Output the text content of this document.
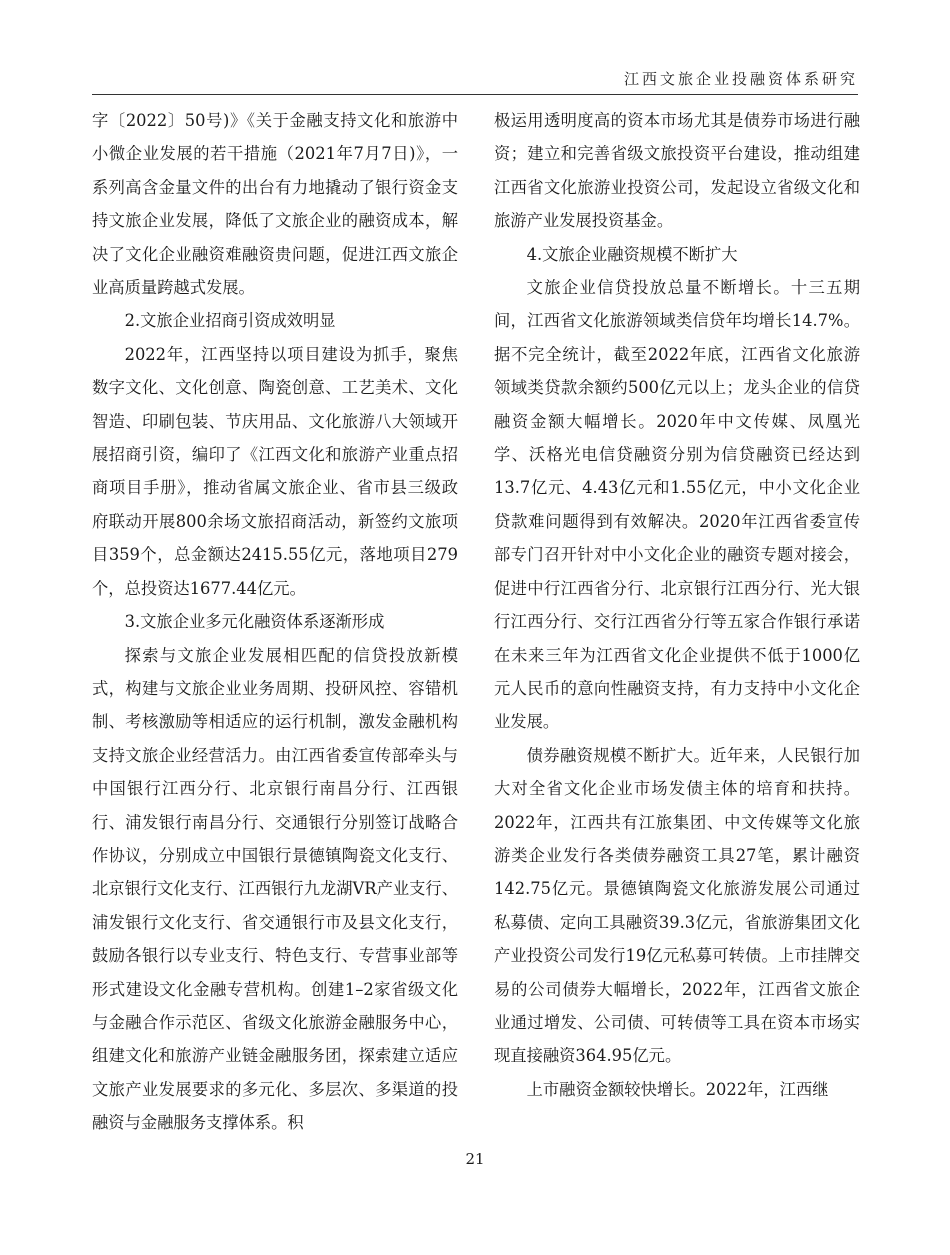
江西文旅企业投融资体系研究

字〔2022〕50号)》《关于金融支持文化和旅游中小微企业发展的若干措施（2021年7月7日)》，一系列高含金量文件的出台有力地撬动了银行资金支持文旅企业发展，降低了文旅企业的融资成本，解决了文化企业融资难融资贵问题，促进江西文旅企业高质量跨越式发展。

2.文旅企业招商引资成效明显

2022年，江西坚持以项目建设为抓手，聚焦数字文化、文化创意、陶瓷创意、工艺美术、文化智造、印刷包装、节庆用品、文化旅游八大领域开展招商引资，编印了《江西文化和旅游产业重点招商项目手册》，推动省属文旅企业、省市县三级政府联动开展800余场文旅招商活动，新签约文旅项目359个，总金额达2415.55亿元，落地项目279个，总投资达1677.44亿元。

3.文旅企业多元化融资体系逐渐形成

探索与文旅企业发展相匹配的信贷投放新模式，构建与文旅企业业务周期、投研风控、容错机制、考核激励等相适应的运行机制，激发金融机构支持文旅企业经营活力。由江西省委宣传部牵头与中国银行江西分行、北京银行南昌分行、江西银行、浦发银行南昌分行、交通银行分别签订战略合作协议，分别成立中国银行景德镇陶瓷文化支行、北京银行文化支行、江西银行九龙湖VR产业支行、浦发银行文化支行、省交通银行市及县文化支行，鼓励各银行以专业支行、特色支行、专营事业部等形式建设文化金融专营机构。创建1–2家省级文化与金融合作示范区、省级文化旅游金融服务中心，组建文化和旅游产业链金融服务团，探索建立适应文旅产业发展要求的多元化、多层次、多渠道的投融资与金融服务支撑体系。积

极运用透明度高的资本市场尤其是债券市场进行融资；建立和完善省级文旅投资平台建设，推动组建江西省文化旅游业投资公司，发起设立省级文化和旅游产业发展投资基金。

4.文旅企业融资规模不断扩大

文旅企业信贷投放总量不断增长。十三五期间，江西省文化旅游领域类信贷年均增长14.7%。据不完全统计，截至2022年底，江西省文化旅游领域类贷款余额约500亿元以上；龙头企业的信贷融资金额大幅增长。2020年中文传媒、凤凰光学、沃格光电信贷融资分别为信贷融资已经达到13.7亿元、4.43亿元和1.55亿元，中小文化企业贷款难问题得到有效解决。2020年江西省委宣传部专门召开针对中小文化企业的融资专题对接会，促进中行江西省分行、北京银行江西分行、光大银行江西分行、交行江西省分行等五家合作银行承诺在未来三年为江西省文化企业提供不低于1000亿元人民币的意向性融资支持，有力支持中小文化企业发展。

债券融资规模不断扩大。近年来，人民银行加大对全省文化企业市场发债主体的培育和扶持。2022年，江西共有江旅集团、中文传媒等文化旅游类企业发行各类债券融资工具27笔，累计融资142.75亿元。景德镇陶瓷文化旅游发展公司通过私募债、定向工具融资39.3亿元，省旅游集团文化产业投资公司发行19亿元私募可转债。上市挂牌交易的公司债券大幅增长，2022年，江西省文旅企业通过增发、公司债、可转债等工具在资本市场实现直接融资364.95亿元。

上市融资金额较快增长。2022年，江西继

21
